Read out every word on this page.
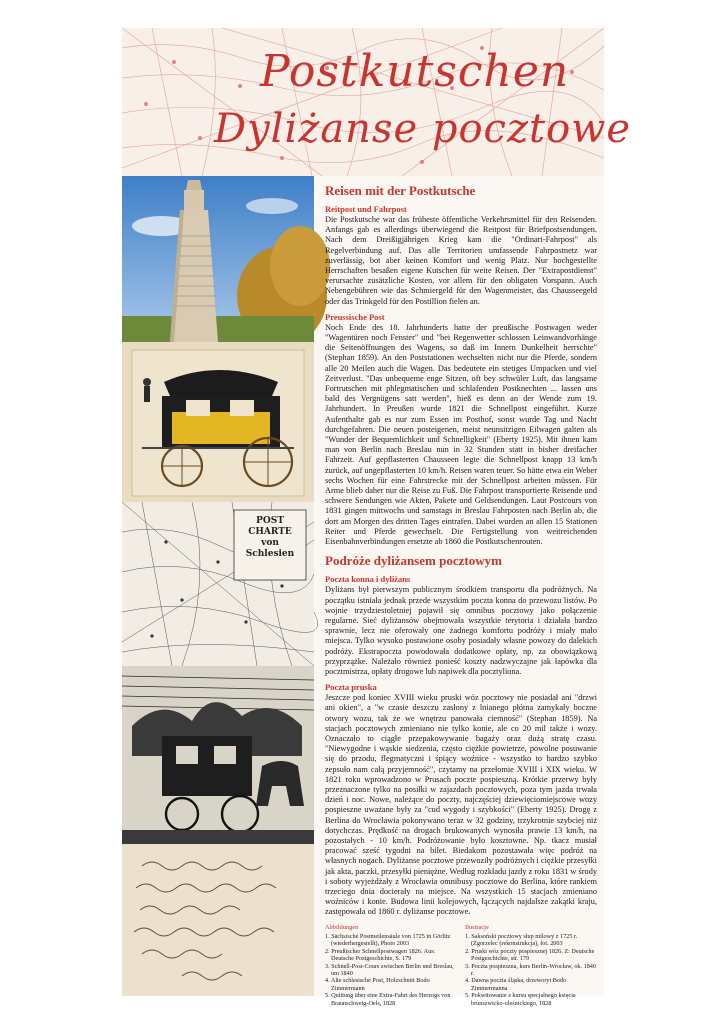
Postkutschen
Dyliżanse pocztowe
POST CHARTE von Schlesien
Reisen mit der Postkutsche
Reitpost und Fahrpost

Die Postkutsche war das früheste öffentliche Verkehrsmittel für den Reisenden. Anfangs gab es allerdings überwiegend die Reitpost für Briefpostsendungen. Nach dem Dreißigjährigen Krieg kam die "Ordinari-Fahrpost" als Regelverbindung auf. Das alle Territorien umfassende Fahrpostnetz war zuverlässig, bot aber keinen Komfort und wenig Platz. Nur hochgestellte Herrschaften besaßen eigene Kutschen für weite Reisen. Der "Extrapostdienst" verursachte zusätzliche Kosten, vor allem für den obligaten Vorspann. Auch Nebengebühren wie das Schmiergeld für den Wagenmeister, das Chausseegeld oder das Trinkgeld für den Postillion fielen an.

Preussische Post

Noch Ende des 18. Jahrhunderts hatte der preußische Postwagen weder "Wagentüren noch Fenster" und "bei Regenwetter schlossen Leinwandvorhänge die Seitenöffnungen des Wagens, so daß im Innern Dunkelheit herrschte" (Stephan 1859). An den Poststationen wechselten nicht nur die Pferde, sondern alle 20 Meilen auch die Wagen. Das bedeutete ein stetiges Umpacken und viel Zeitverlust. "Das unbequeme enge Sitzen, oft bey schwüler Luft, das langsame Fortrutschen mit phlegmatischen und schlafenden Postknechten ... lassen uns bald des Vergnügens satt werden", hieß es denn an der Wende zum 19. Jahrhundert. In Preußen wurde 1821 die Schnellpost eingeführt. Kurze Aufenthalte gab es nur zum Essen im Posthof, sonst wurde Tag und Nacht durchgefahren. Die neuen posteigenen, meist neunsitzigen Eilwagen galten als "Wunder der Bequemlichkeit und Schnelligkeit" (Eberty 1925). Mit ihnen kam man von Berlin nach Breslau nun in 32 Stunden statt in bisher dreifacher Fahrzeit. Auf gepflasterten Chausseen legte die Schnellpost knapp 13 km/h zurück, auf ungepflasterten 10 km/h. Reisen waren teuer. So hätte etwa ein Weber sechs Wochen für eine Fahrstrecke mit der Schnellpost arbeiten müssen. Für Arme blieb daher nur die Reise zu Fuß. Die Fahrpost transportierte Reisende und schwere Sendungen wie Akten, Pakete und Geldsendungen. Laut Postcours von 1831 gingen mittwochs und samstags in Breslau Fahrposten nach Berlin ab, die dort am Morgen des dritten Tages eintrafen. Dabei wurden an allen 15 Stationen Reiter und Pferde gewechselt. Die Fertigstellung von weitreichenden Eisenbahnverbindungen ersetzte ab 1860 die Postkutschenrouten.

Podróże dyliżansem pocztowym
Poczta konna i dyliżans

Dyliżans był pierwszym publicznym środkiem transportu dla podróżnych. Na początku istniała jednak przede wszystkim poczta konna do przewozu listów. Po wojnie trzydziestoletniej pojawił się omnibus pocztowy jako połączenie regularne. Sieć dyliżansów obejmowała wszystkie terytoria i działała bardzo sprawnie, lecz nie oferowały one żadnego komfortu podróży i miały mało miejsca. Tylko wysoko postawione osoby posiadały własne powozy do dalekich podróży. Ekstrapoczta powodowała dodatkowe opłaty, np. za obowiązkową przyprzążke. Należało również ponieść koszty nadzwyczajne jak łapówka dla pocztmistrza, opłaty drogowe lub napiwek dla pocztyliona.

Poczta pruska

Jeszcze pod koniec XVIII wieku pruski wóz pocztowy nie posiadał ani "drzwi ani okien", a "w czasie deszczu zasłony z lnianego płótna zamykały boczne otwory wozu, tak że we wnętrzu panowała ciemność" (Stephan 1859). Na stacjach pocztowych zmieniano nie tylko konie, ale co 20 mil także i wozy. Oznaczało to ciągłe przepakowywanie bagaży oraz dużą stratę czasu. "Niewygodne i wąskie siedzenia, często ciężkie powietrze, powolne posuwanie się do przodu, flegmatyczni i śpiący woźnice - wszystko to bardzo szybko zepsuło nam całą przyjemność", czytamy na przełomie XVIII i XIX wieku. W 1821 roku wprowadzono w Prusach poczte pospieszną. Krótkie przerwy były przeznaczone tylko na posiłki w zajazdach pocztowych, poza tym jazda trwała dzień i noc. Nowe, należące do poczty, najczęściej dziewięciomiejscowe wozy pospieszne uważane były za "cud wygody i szybkości" (Eberty 1925). Drogę z Berlina do Wrocławia pokonywano teraz w 32 godziny, trzykrotnie szybciej niż dotychczas. Prędkość na drogach brukowanych wynosiła prawie 13 km/h, na pozostałych - 10 km/h. Podróżowanie było kosztowne. Np. tkacz musiał pracować sześć tygodni na bilet. Biedakom pozostawała więc podróż na własnych nogach. Dyliżanse pocztowe przewoziły podróżnych i ciężkie przesyłki jak akta, paczki, przesyłki pieniężne. Według rozkładu jazdy z roku 1831 w środy i soboty wyjeżdżały z Wrocławia omnibusy pocztowe do Berlina, które rankiem trzeciego dnia docierały na miejsce. Na wszystkich 15 stacjach zmieniano woźniców i konie. Budowa linii kolejowych, łączących najdalsze zakątki kraju, zastępowała od 1860 r. dyliżanse pocztowe.

Abbildungen
1. Sächsische Postmeilensäule von 1725 in Görlitz (wiederhergestellt), Photo 2003
2. Preußischer Schnellpostwagen 1826. Aus: Deutsche Postgeschichte, S. 179
3. Schnell-Post-Cours zwischen Berlin und Breslau, um 1840
4. Alte schlesische Post, Holzschnitt Bodo Zimmermann
5. Quittung über eine Extra-Fahrt des Herzogs von Braunschweig-Oels, 1828
Ilustracje
1. Saksoński pocztowy słup milowy z 1725 r. (Zgorzelec (rekonstrukcja), fot. 2003
2. Pruski wóz poczty pospiesznej 1826. Z: Deutsche Postgeschichte, str. 179
3. Poczta pospieszna, kurs Berlin-Wrocław, ok. 1840 r.
4. Dawna poczta śląska, drzeworyt Bodo Zimmermanna
5. Pokwitowanie z kursu specjalnego księcia brunszwicko-oleśnickiego, 1828
